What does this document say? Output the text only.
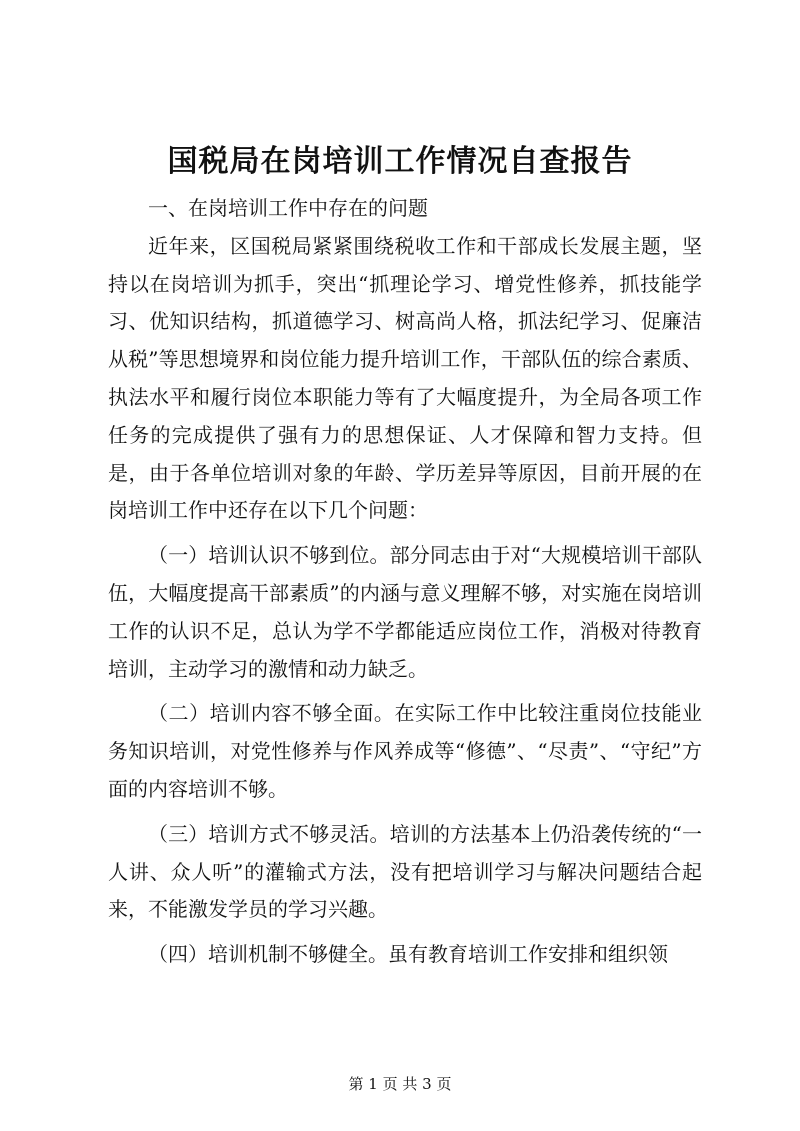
国税局在岗培训工作情况自查报告

一、在岗培训工作中存在的问题

近年来，区国税局紧紧围绕税收工作和干部成长发展主题，坚持以在岗培训为抓手，突出“抓理论学习、增党性修养，抓技能学习、优知识结构，抓道德学习、树高尚人格，抓法纪学习、促廉洁从税”等思想境界和岗位能力提升培训工作，干部队伍的综合素质、执法水平和履行岗位本职能力等有了大幅度提升，为全局各项工作任务的完成提供了强有力的思想保证、人才保障和智力支持。但是，由于各单位培训对象的年龄、学历差异等原因，目前开展的在岗培训工作中还存在以下几个问题：

（一）培训认识不够到位。部分同志由于对“大规模培训干部队伍，大幅度提高干部素质”的内涵与意义理解不够，对实施在岗培训工作的认识不足，总认为学不学都能适应岗位工作，消极对待教育培训，主动学习的激情和动力缺乏。

（二）培训内容不够全面。在实际工作中比较注重岗位技能业务知识培训，对党性修养与作风养成等“修德”、“尽责”、“守纪”方面的内容培训不够。

（三）培训方式不够灵活。培训的方法基本上仍沿袭传统的“一人讲、众人听”的灌输式方法，没有把培训学习与解决问题结合起来，不能激发学员的学习兴趣。

（四）培训机制不够健全。虽有教育培训工作安排和组织领

第 1 页 共 3 页
